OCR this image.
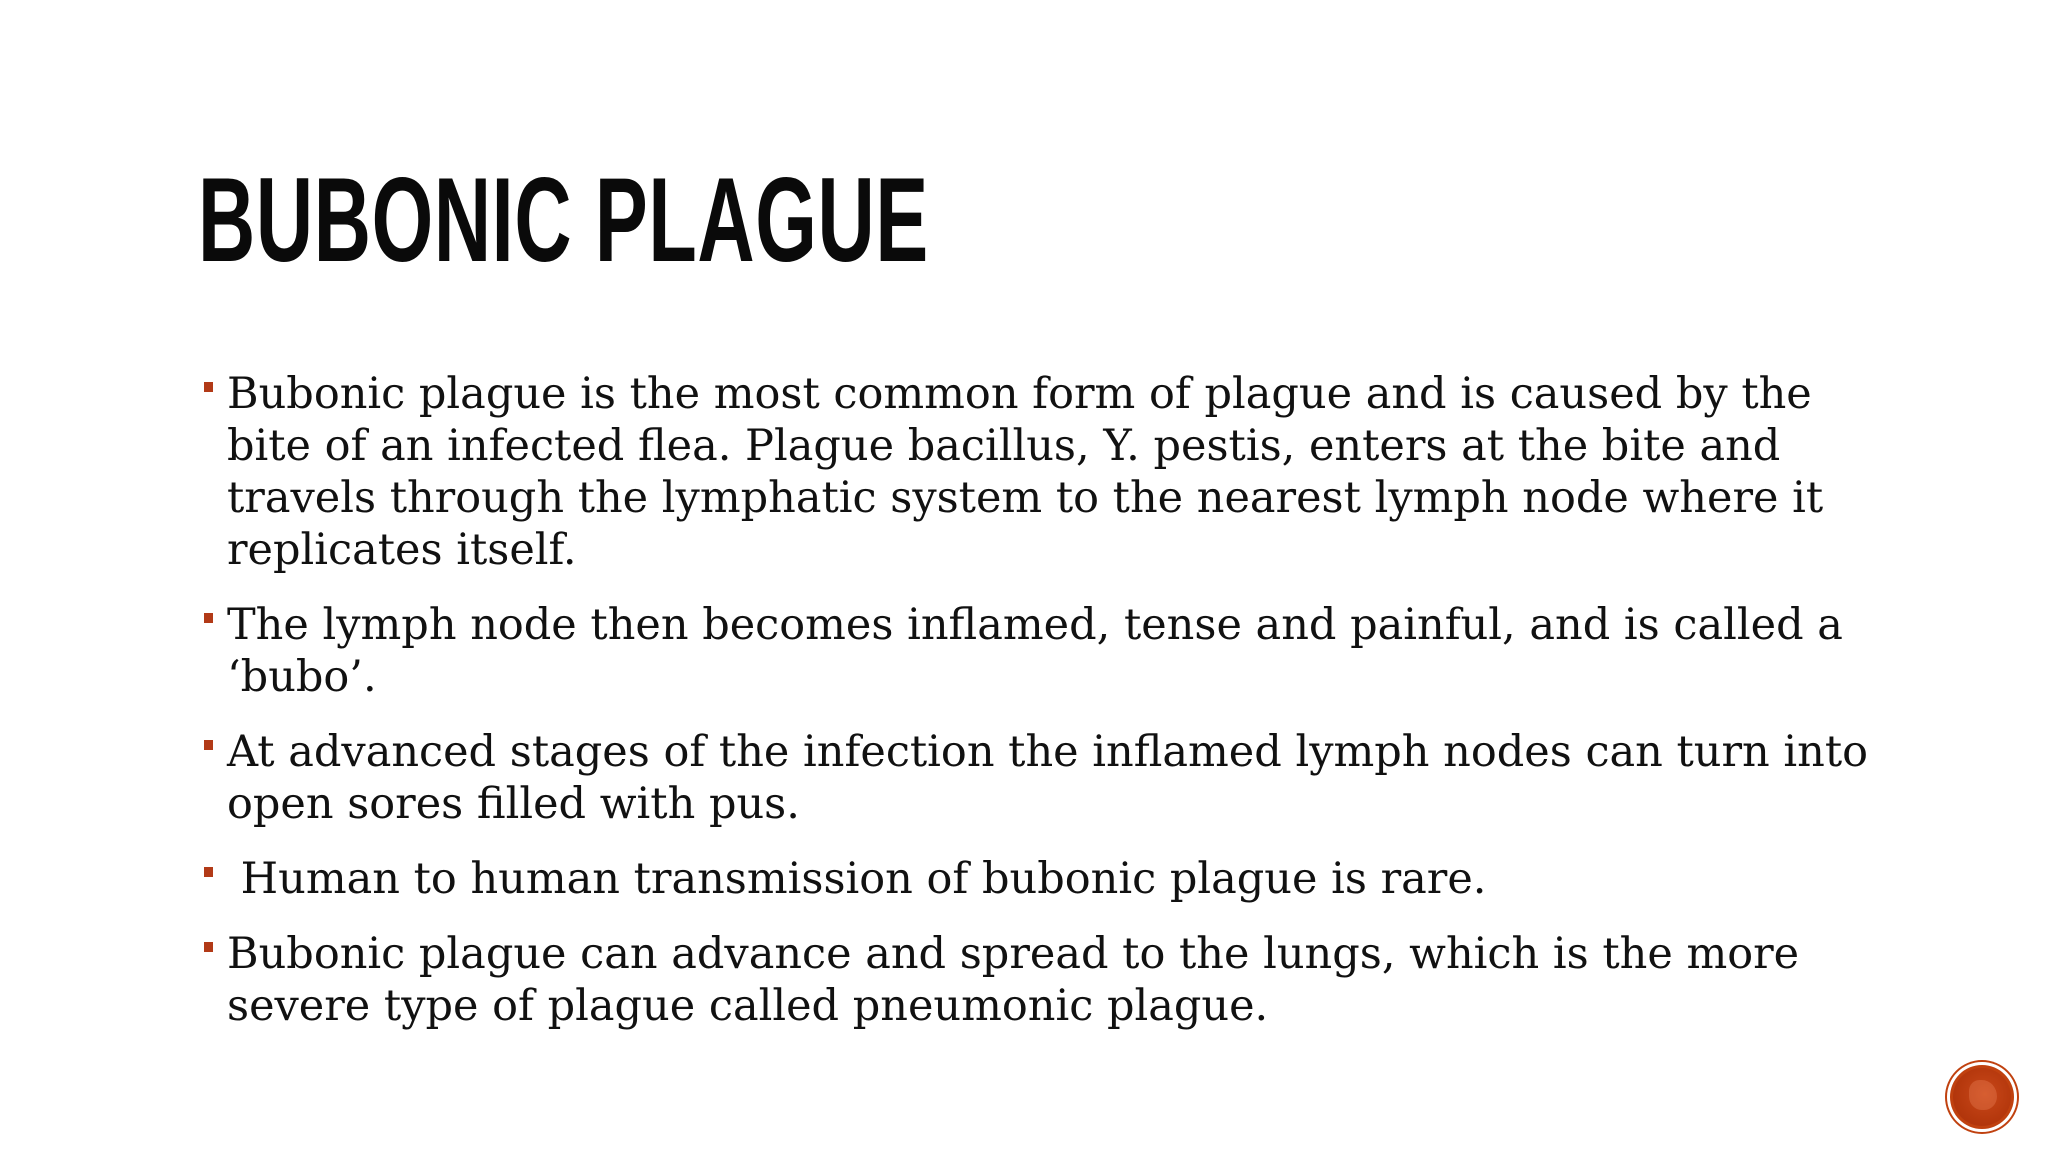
BUBONIC PLAGUE
Bubonic plague is the most common form of plague and is caused by the bite of an infected flea. Plague bacillus, Y. pestis, enters at the bite and travels through the lymphatic system to the nearest lymph node where it replicates itself.
The lymph node then becomes inflamed, tense and painful, and is called a ‘bubo’.
At advanced stages of the infection the inflamed lymph nodes can turn into open sores filled with pus.
Human to human transmission of bubonic plague is rare.
Bubonic plague can advance and spread to the lungs, which is the more severe type of plague called pneumonic plague.
